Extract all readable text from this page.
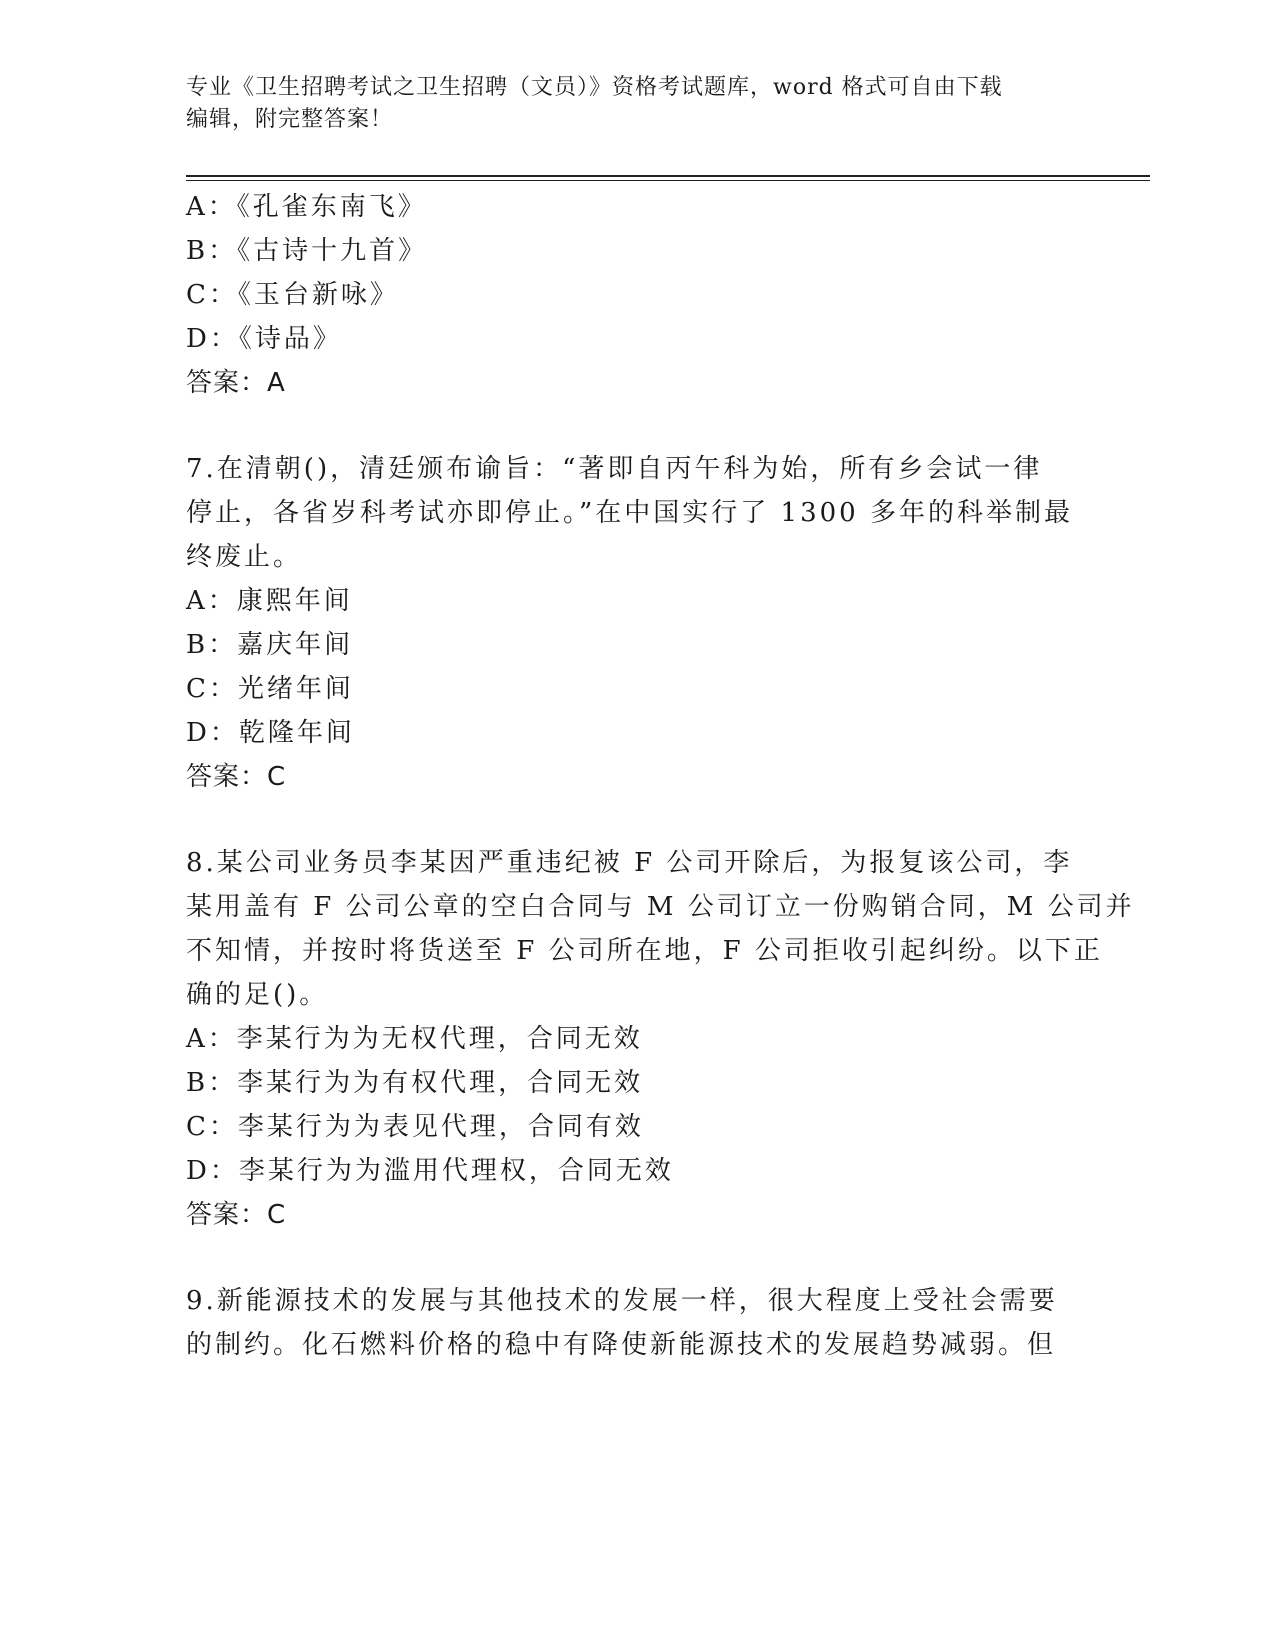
专业《卫生招聘考试之卫生招聘（文员）》资格考试题库，word 格式可自由下载
编辑，附完整答案！
A：《孔雀东南飞》
B：《古诗十九首》
C：《玉台新咏》
D：《诗品》
答案：A
7.在清朝()，清廷颁布谕旨：“著即自丙午科为始，所有乡会试一律
停止，各省岁科考试亦即停止。”在中国实行了 1300 多年的科举制最
终废止。
A：康熙年间
B：嘉庆年间
C：光绪年间
D：乾隆年间
答案：C
8.某公司业务员李某因严重违纪被 F 公司开除后，为报复该公司，李
某用盖有 F 公司公章的空白合同与 M 公司订立一份购销合同，M 公司并
不知情，并按时将货送至 F 公司所在地，F 公司拒收引起纠纷。以下正
确的足()。
A：李某行为为无权代理，合同无效
B：李某行为为有权代理，合同无效
C：李某行为为表见代理，合同有效
D：李某行为为滥用代理权，合同无效
答案：C
9.新能源技术的发展与其他技术的发展一样，很大程度上受社会需要
的制约。化石燃料价格的稳中有降使新能源技术的发展趋势减弱。但
